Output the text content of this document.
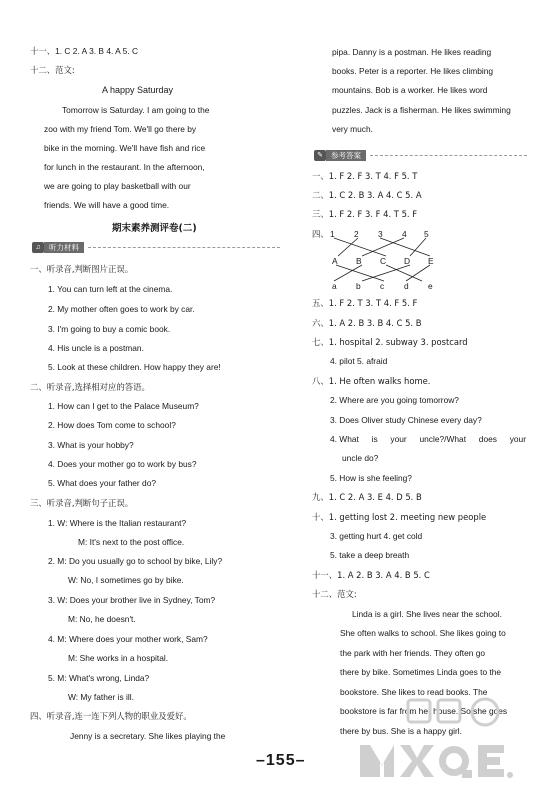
十一、1. C 2. A 3. B 4. A 5. C
十二、范文:
A happy Saturday
Tomorrow is Saturday. I am going to the
zoo with my friend Tom. We'll go there by
bike in the morning. We'll have fish and rice
for lunch in the restaurant. In the afternoon,
we are going to play basketball with our
friends. We will have a good time.
期末素养测评卷(二)
♫	听力材料
一、听录音,判断图片正误。
1. You can turn left at the cinema.
2. My mother often goes to work by car.
3. I'm going to buy a comic book.
4. His uncle is a postman.
5. Look at these children. How happy they are!
二、听录音,选择相对应的答语。
1. How can I get to the Palace Museum?
2. How does Tom come to school?
3. What is your hobby?
4. Does your mother go to work by bus?
5. What does your father do?
三、听录音,判断句子正误。
1. W: Where is the Italian restaurant?
M: It's next to the post office.
2. M: Do you usually go to school by bike, Lily?
W: No, I sometimes go by bike.
3. W: Does your brother live in Sydney, Tom?
M: No, he doesn't.
4. M: Where does your mother work, Sam?
M: She works in a hospital.
5. M: What's wrong, Linda?
W: My father is ill.
四、听录音,连一连下列人物的职业及爱好。
Jenny is a secretary. She likes playing the
pipa. Danny is a postman. He likes reading
books. Peter is a reporter. He likes climbing
mountains. Bob is a worker. He likes word
puzzles. Jack is a fisherman. He likes swimming
very much.
✎	参考答案
一、1. F 2. F 3. T 4. F 5. T
二、1. C 2. B 3. A 4. C 5. A
三、1. F 2. F 3. F 4. T 5. F
四、 1 2 3 4 5
A B C D E
a b c d e
五、1. F 2. T 3. T 4. F 5. F
六、1. A 2. B 3. B 4. C 5. B
七、1. hospital 2. subway 3. postcard
4. pilot 5. afraid
八、1. He often walks home.
2. Where are you going tomorrow?
3. Does Oliver study Chinese every day?
4. What is your uncle?/What does your
uncle do?
5. How is she feeling?
九、1. C 2. A 3. E 4. D 5. B
十、1. getting lost 2. meeting new people
3. getting hurt 4. get cold
5. take a deep breath
十一、1. A 2. B 3. A 4. B 5. C
十二、范文:
Linda is a girl. She lives near the school.
She often walks to school. She likes going to
the park with her friends. They often go
there by bike. Sometimes Linda goes to the
bookstore. She likes to read books. The
bookstore is far from her house. So she goes
there by bus. She is a happy girl.
–155–
